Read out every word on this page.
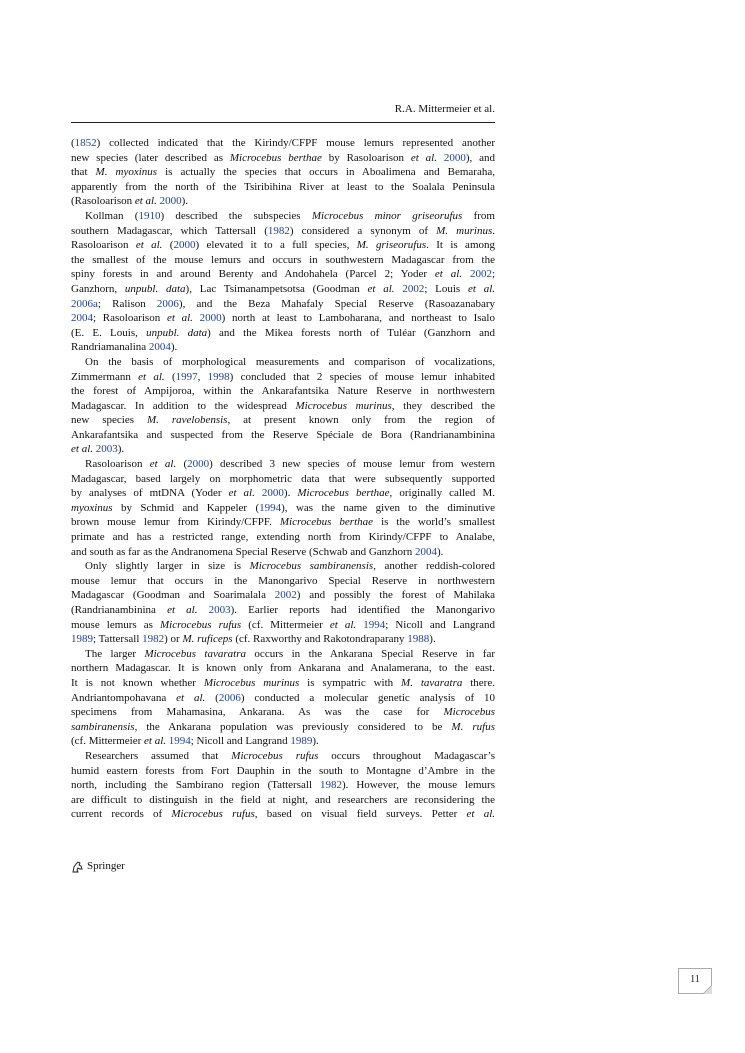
R.A. Mittermeier et al.
(1852) collected indicated that the Kirindy/CFPF mouse lemurs represented another
new species (later described as Microcebus berthae by Rasoloarison et al. 2000), and
that M. myoxinus is actually the species that occurs in Aboalimena and Bemaraha,
apparently from the north of the Tsiribihina River at least to the Soalala Peninsula
(Rasoloarison et al. 2000).
Kollman (1910) described the subspecies Microcebus minor griseorufus from
southern Madagascar, which Tattersall (1982) considered a synonym of M. murinus.
Rasoloarison et al. (2000) elevated it to a full species, M. griseorufus. It is among
the smallest of the mouse lemurs and occurs in southwestern Madagascar from the
spiny forests in and around Berenty and Andohahela (Parcel 2; Yoder et al. 2002;
Ganzhorn, unpubl. data), Lac Tsimanampetsotsa (Goodman et al. 2002; Louis et al.
2006a; Ralison 2006), and the Beza Mahafaly Special Reserve (Rasoazanabary
2004; Rasoloarison et al. 2000) north at least to Lamboharana, and northeast to Isalo
(E. E. Louis, unpubl. data) and the Mikea forests north of Tuléar (Ganzhorn and
Randriamanalina 2004).
On the basis of morphological measurements and comparison of vocalizations,
Zimmermann et al. (1997, 1998) concluded that 2 species of mouse lemur inhabited
the forest of Ampijoroa, within the Ankarafantsika Nature Reserve in northwestern
Madagascar. In addition to the widespread Microcebus murinus, they described the
new species M. ravelobensis, at present known only from the region of
Ankarafantsika and suspected from the Reserve Spéciale de Bora (Randrianambinina
et al. 2003).
Rasoloarison et al. (2000) described 3 new species of mouse lemur from western
Madagascar, based largely on morphometric data that were subsequently supported
by analyses of mtDNA (Yoder et al. 2000). Microcebus berthae, originally called M.
myoxinus by Schmid and Kappeler (1994), was the name given to the diminutive
brown mouse lemur from Kirindy/CFPF. Microcebus berthae is the world’s smallest
primate and has a restricted range, extending north from Kirindy/CFPF to Analabe,
and south as far as the Andranomena Special Reserve (Schwab and Ganzhorn 2004).
Only slightly larger in size is Microcebus sambiranensis, another reddish-colored
mouse lemur that occurs in the Manongarivo Special Reserve in northwestern
Madagascar (Goodman and Soarimalala 2002) and possibly the forest of Mahilaka
(Randrianambinina et al. 2003). Earlier reports had identified the Manongarivo
mouse lemurs as Microcebus rufus (cf. Mittermeier et al. 1994; Nicoll and Langrand
1989; Tattersall 1982) or M. ruficeps (cf. Raxworthy and Rakotondraparany 1988).
The larger Microcebus tavaratra occurs in the Ankarana Special Reserve in far
northern Madagascar. It is known only from Ankarana and Analamerana, to the east.
It is not known whether Microcebus murinus is sympatric with M. tavaratra there.
Andriantompohavana et al. (2006) conducted a molecular genetic analysis of 10
specimens from Mahamasina, Ankarana. As was the case for Microcebus
sambiranensis, the Ankarana population was previously considered to be M. rufus
(cf. Mittermeier et al. 1994; Nicoll and Langrand 1989).
Researchers assumed that Microcebus rufus occurs throughout Madagascar’s
humid eastern forests from Fort Dauphin in the south to Montagne d’Ambre in the
north, including the Sambirano region (Tattersall 1982). However, the mouse lemurs
are difficult to distinguish in the field at night, and researchers are reconsidering the
current records of Microcebus rufus, based on visual field surveys. Petter et al.
Springer
11
